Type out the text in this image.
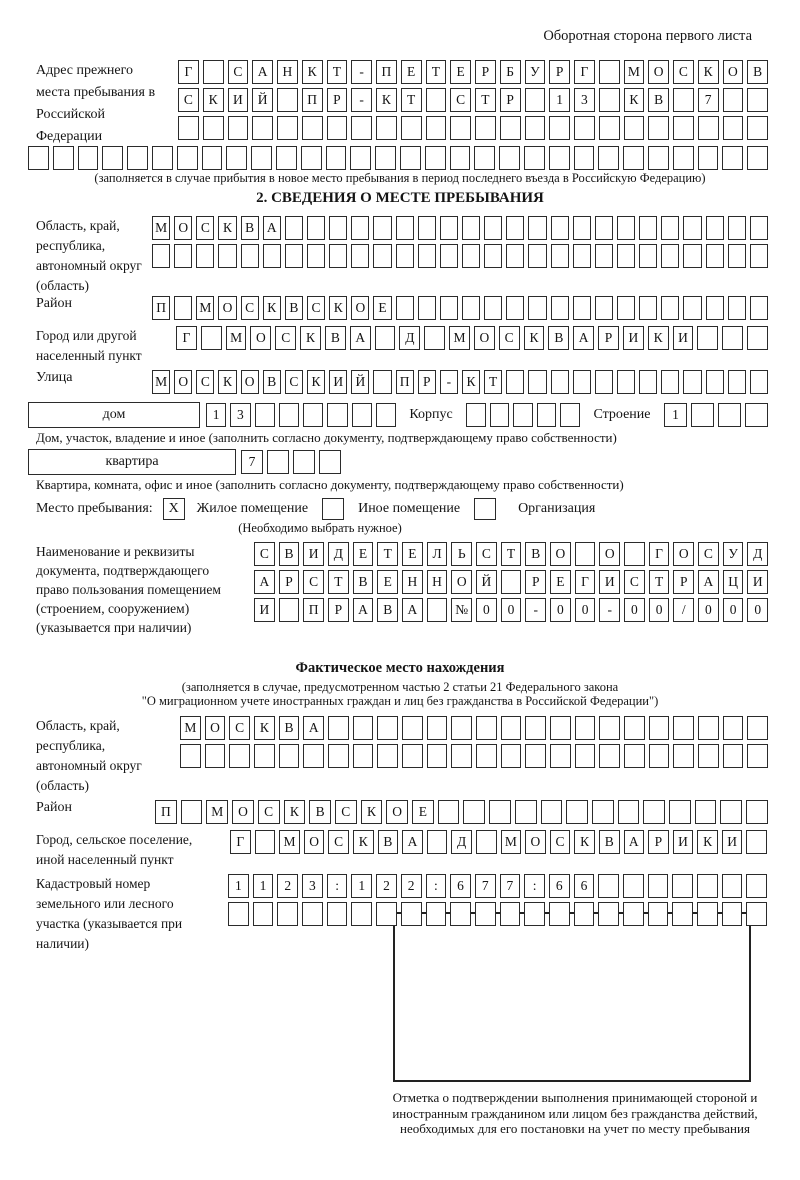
Оборотная сторона первого листа
Адрес прежнего места пребывания в Российской Федерации
Г	С	А	Н	К	Т	-	П	Е	Т	Е	Р	Б	У	Р	Г	М	О	С	К	О	В
С	К	И	Й	П	Р	-	К	Т	С	Т	Р	1	3	К	В	7
(заполняется в случае прибытия в новое место пребывания в период последнего въезда в Российскую Федерацию)
2. СВЕДЕНИЯ О МЕСТЕ ПРЕБЫВАНИЯ
Область, край, республика, автономный округ (область)
М О С К В А
Район	П	М О С К В С К О Е
Город или другой населенный пункт
Г	М	О	С	К	В	А	Д	М	О	С	К	В	А	Р	И	К	И
Улица	М О С К О В С К И Й	П	Р	-	К	Т
дом	1	3	Корпус	Строение	1
Дом, участок, владение и иное (заполнить согласно документу, подтверждающему право собственности)
квартира	7
Квартира, комната, офис и иное (заполнить согласно документу, подтверждающему право собственности)
Место пребывания:	X	Жилое помещение	Иное помещение	Организация
(Необходимо выбрать нужное)
Наименование и реквизиты документа, подтверждающего право пользования помещением (строением, сооружением) (указывается при наличии)
С	В	И	Д	Е	Т	Е	Л	Ь	С	Т	В	О	О	Г	О	С	У	Д
А	Р	С	Т	В	Е	Н	Н	О	Й	Р	Е	Г	И	С	Т	Р	А	Ц	И
И	П	Р	А	В	А	№	0	0	-	0	0	-	0	0	/	0	0	0
Фактическое место нахождения
(заполняется в случае, предусмотренном частью 2 статьи 21 Федерального закона
"О миграционном учете иностранных граждан и лиц без гражданства в Российской Федерации")
Область, край, республика, автономный округ (область)
М	О	С	К	В	А
Район	П	М	О	С	К	В	С	К	О	Е
Город, сельское поселение, иной населенный пункт
Г	М	О	С	К	В	А	Д	М	О	С	К	В	А	Р	И	К	И
Кадастровый номер земельного или лесного участка (указывается при наличии)
1	1	2	3	:	1	2	2	:	6	7	7	:	6	6
Отметка о подтверждении выполнения принимающей стороной и иностранным гражданином или лицом без гражданства действий, необходимых для его постановки на учет по месту пребывания
